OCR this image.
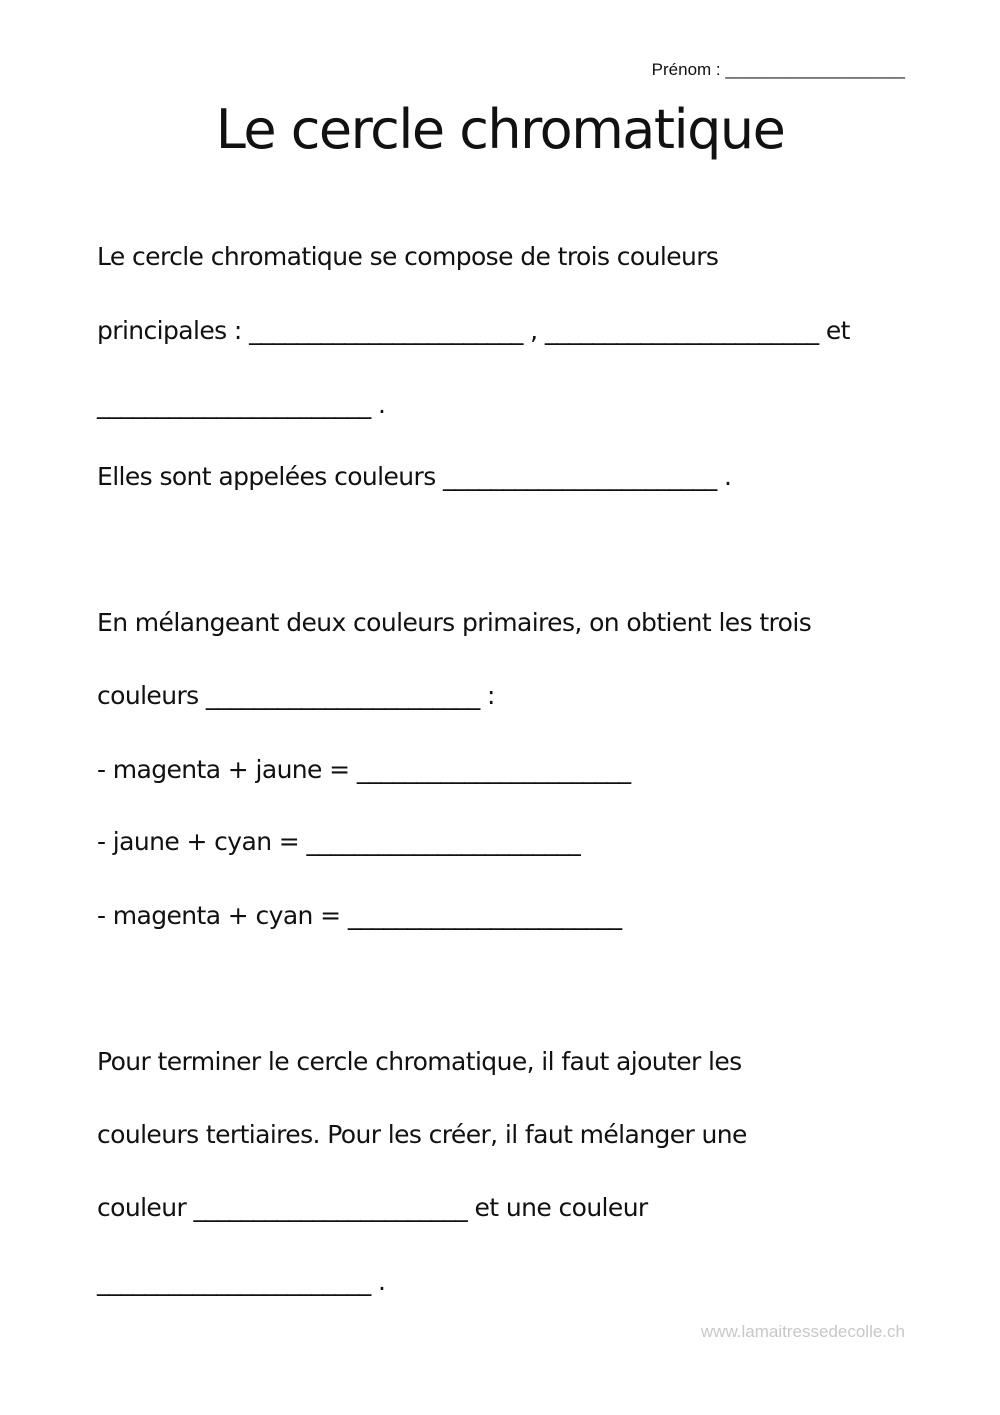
Prénom : ___________________
Le cercle chromatique
Le cercle chromatique se compose de trois couleurs
principales : _______________________ , _______________________ et
_______________________ .
Elles sont appelées couleurs _______________________ .
En mélangeant deux couleurs primaires, on obtient les trois
couleurs _______________________ :
- magenta + jaune = _______________________
- jaune + cyan = _______________________
- magenta + cyan = _______________________
Pour terminer le cercle chromatique, il faut ajouter les
couleurs tertiaires. Pour les créer, il faut mélanger une
couleur _______________________ et une couleur
_______________________ .
www.lamaitressedecolle.ch
